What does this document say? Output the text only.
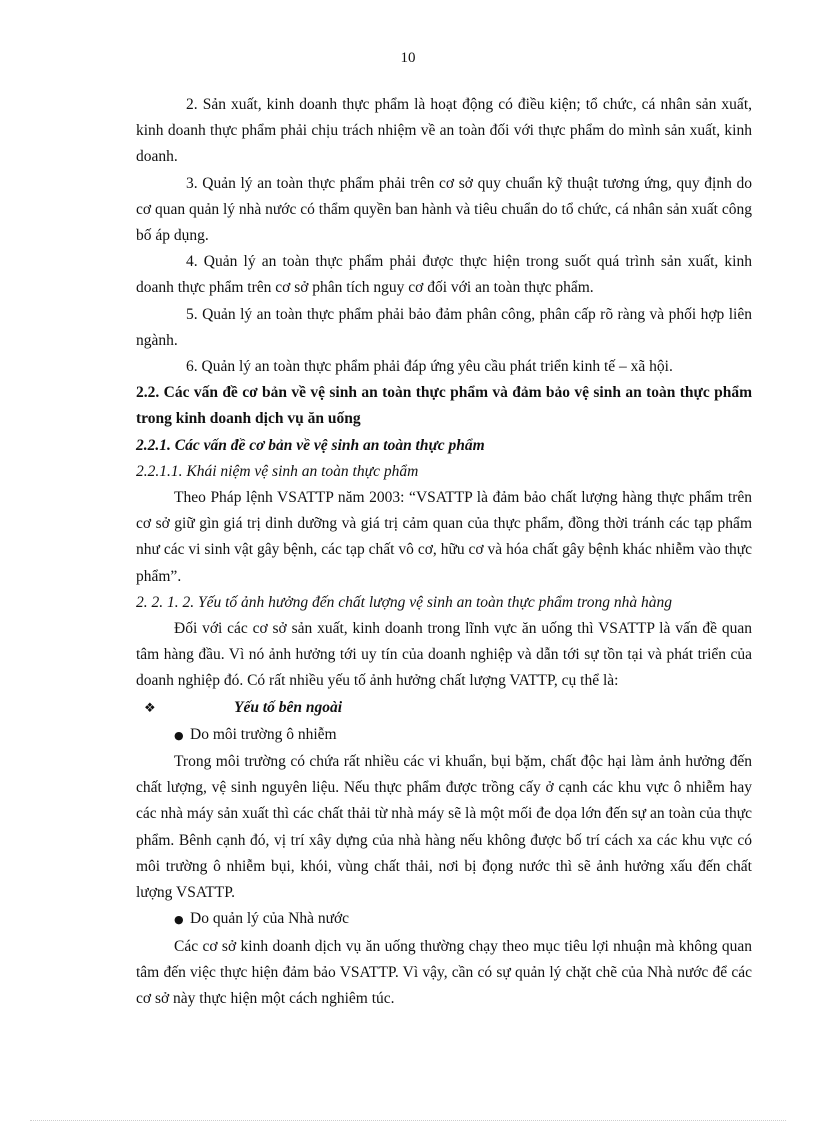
10

2. Sản xuất, kinh doanh thực phẩm là hoạt động có điều kiện; tổ chức, cá nhân sản xuất, kinh doanh thực phẩm phải chịu trách nhiệm về an toàn đối với thực phẩm do mình sản xuất, kinh doanh.

3. Quản lý an toàn thực phẩm phải trên cơ sở quy chuẩn kỹ thuật tương ứng, quy định do cơ quan quản lý nhà nước có thẩm quyền ban hành và tiêu chuẩn do tổ chức, cá nhân sản xuất công bố áp dụng.

4. Quản lý an toàn thực phẩm phải được thực hiện trong suốt quá trình sản xuất, kinh doanh thực phẩm trên cơ sở phân tích nguy cơ đối với an toàn thực phẩm.

5. Quản lý an toàn thực phẩm phải bảo đảm phân công, phân cấp rõ ràng và phối hợp liên ngành.

6. Quản lý an toàn thực phẩm phải đáp ứng yêu cầu phát triển kinh tế – xã hội.

2.2. Các vấn đề cơ bản về vệ sinh an toàn thực phẩm và đảm bảo vệ sinh an toàn thực phẩm trong kinh doanh dịch vụ ăn uống

2.2.1. Các vấn đề cơ bản về vệ sinh an toàn thực phẩm

2.2.1.1. Khái niệm vệ sinh an toàn thực phẩm

Theo Pháp lệnh VSATTP năm 2003: “VSATTP là đảm bảo chất lượng hàng thực phẩm trên cơ sở giữ gìn giá trị dinh dưỡng và giá trị cảm quan của thực phẩm, đồng thời tránh các tạp phẩm như các vi sinh vật gây bệnh, các tạp chất vô cơ, hữu cơ và hóa chất gây bệnh khác nhiễm vào thực phẩm”.

2. 2. 1. 2. Yếu tố ảnh hưởng đến chất lượng vệ sinh an toàn thực phẩm trong nhà hàng

Đối với các cơ sở sản xuất, kinh doanh trong lĩnh vực ăn uống thì VSATTP là vấn đề quan tâm hàng đầu. Vì nó ảnh hưởng tới uy tín của doanh nghiệp và dẫn tới sự tồn tại và phát triển của doanh nghiệp đó. Có rất nhiều yếu tố ảnh hưởng chất lượng VATTP, cụ thể là:

❖	Yếu tố bên ngoài

● Do môi trường ô nhiễm

Trong môi trường có chứa rất nhiều các vi khuẩn, bụi bặm, chất độc hại làm ảnh hưởng đến chất lượng, vệ sinh nguyên liệu. Nếu thực phẩm được trồng cấy ở cạnh các khu vực ô nhiễm hay các nhà máy sản xuất thì các chất thải từ nhà máy sẽ là một mối đe dọa lớn đến sự an toàn của thực phẩm. Bênh cạnh đó, vị trí xây dựng của nhà hàng nếu không được bố trí cách xa các khu vực có môi trường ô nhiễm bụi, khói, vùng chất thải, nơi bị đọng nước thì sẽ ảnh hưởng xấu đến chất lượng VSATTP.

● Do quản lý của Nhà nước

Các cơ sở kinh doanh dịch vụ ăn uống thường chạy theo mục tiêu lợi nhuận mà không quan tâm đến việc thực hiện đảm bảo VSATTP. Vì vậy, cần có sự quản lý chặt chẽ của Nhà nước để các cơ sở này thực hiện một cách nghiêm túc.
